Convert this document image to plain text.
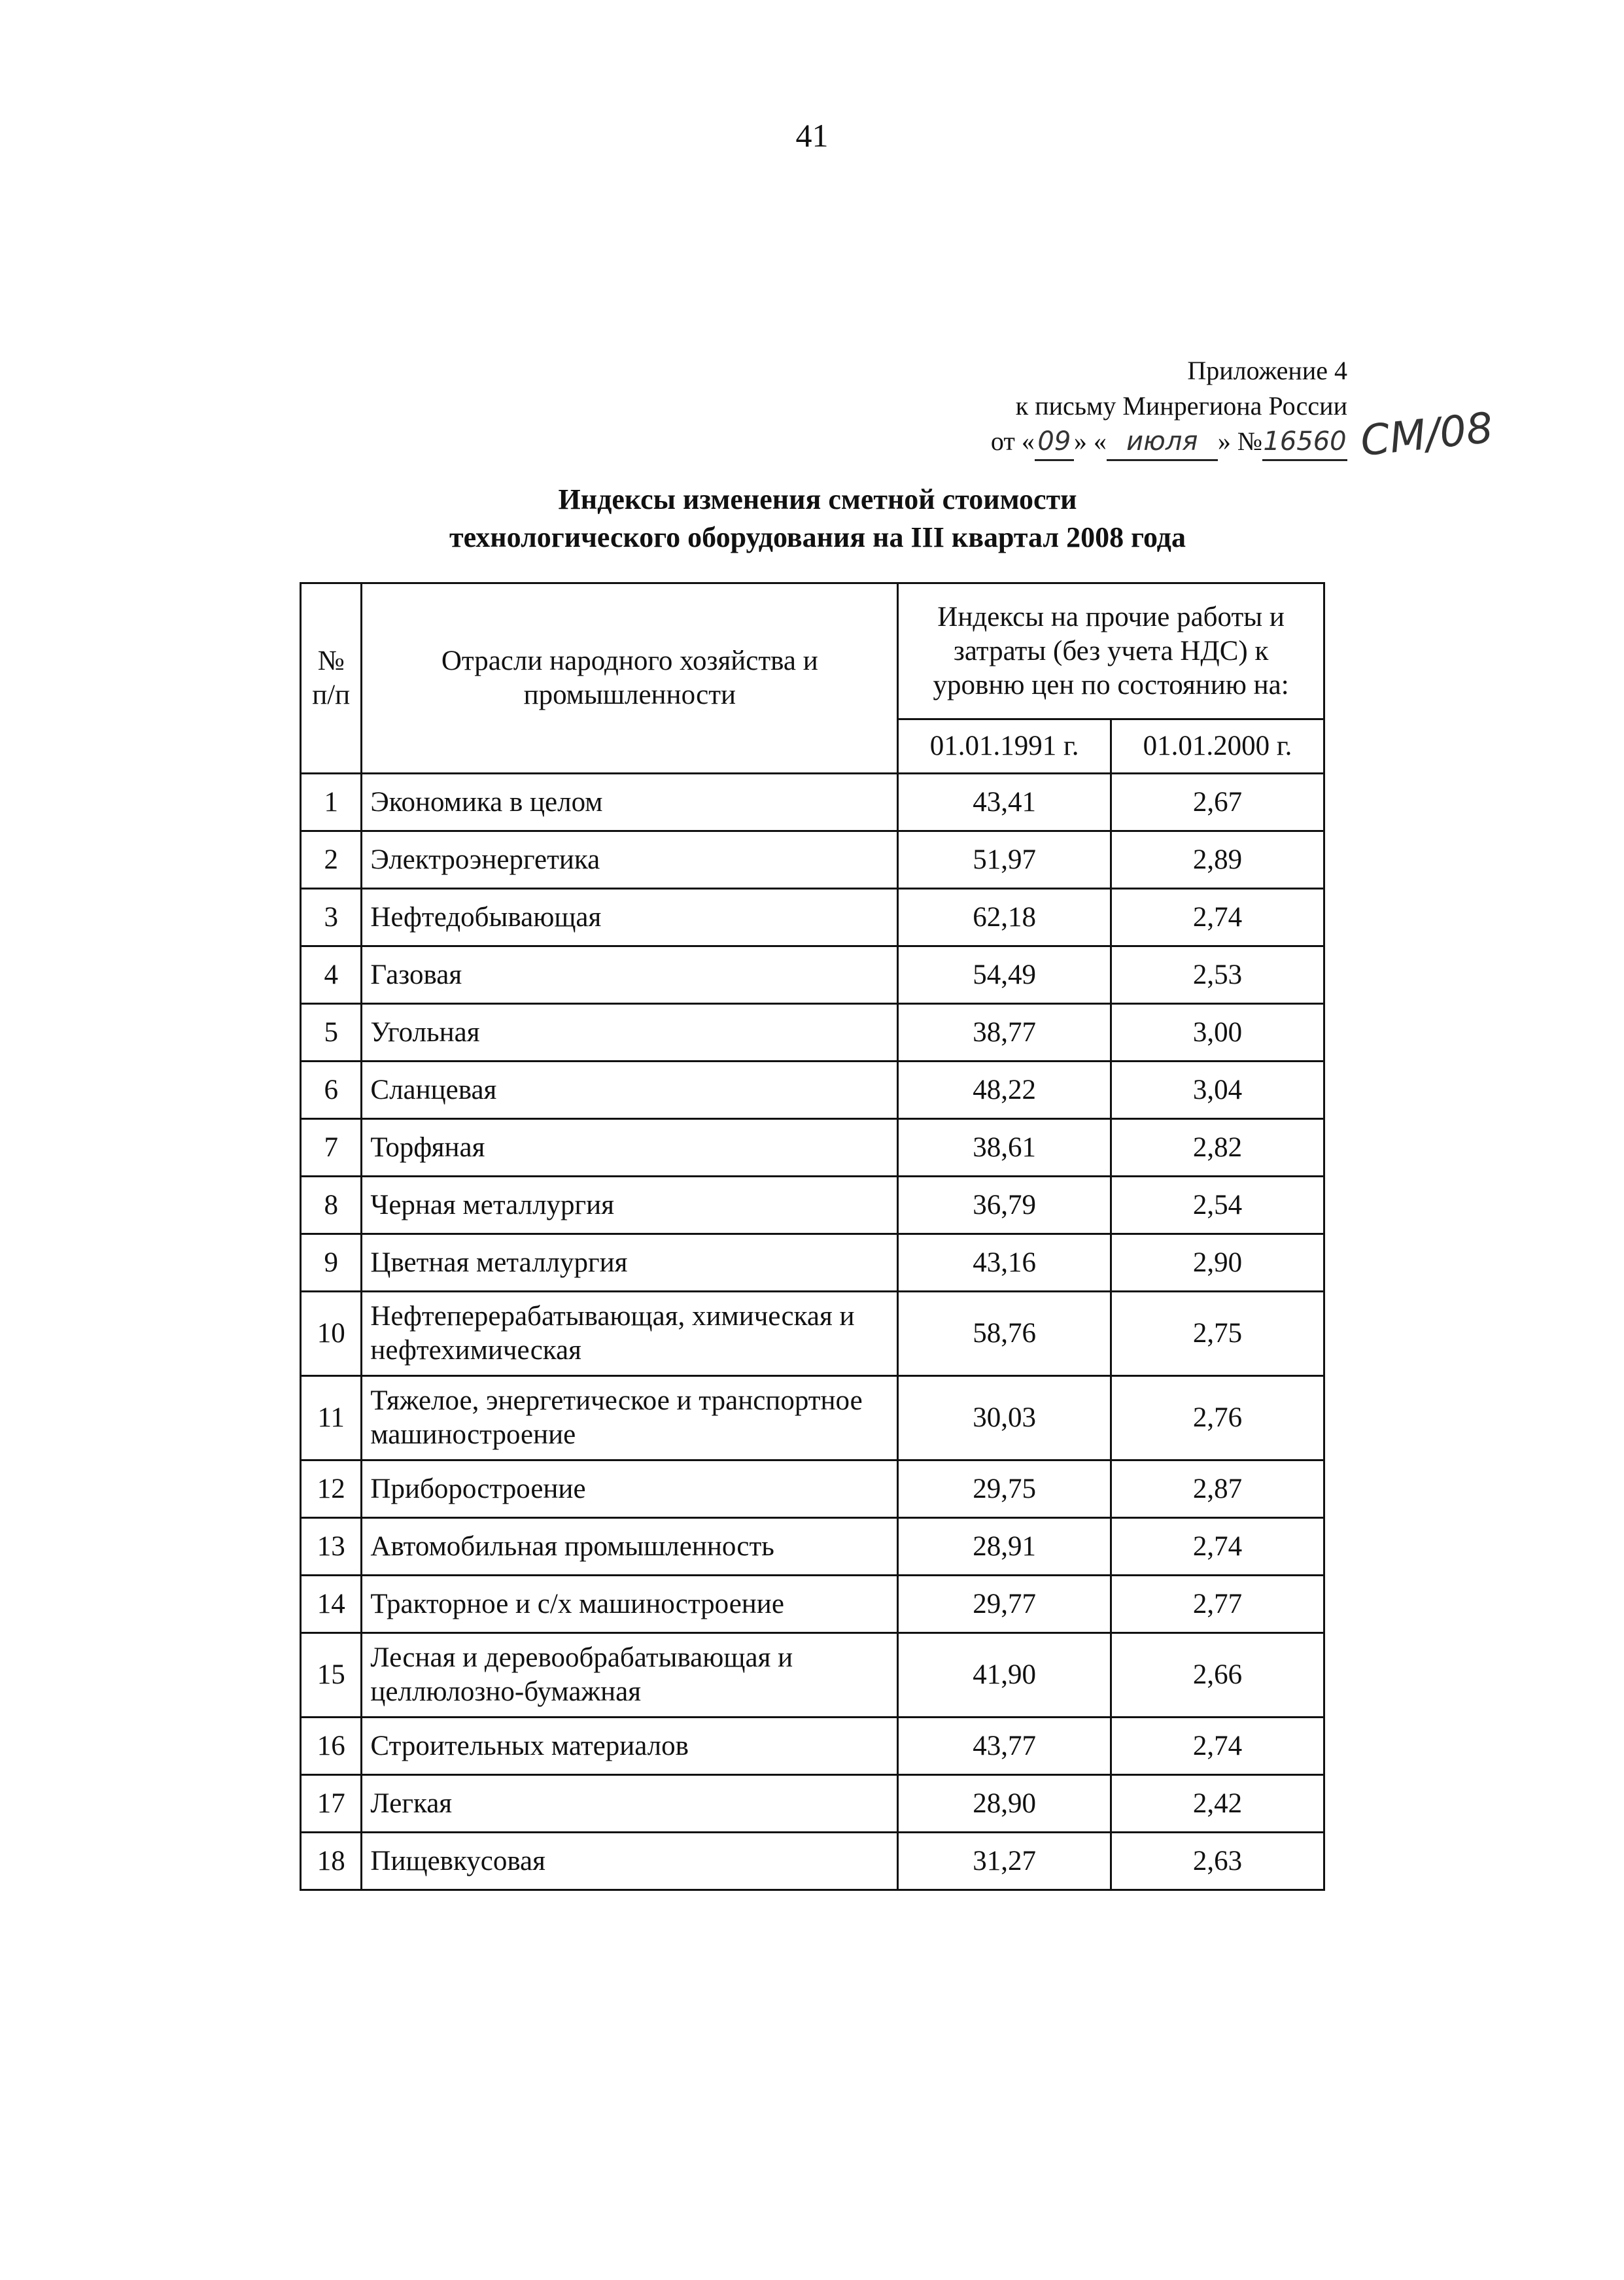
41
Приложение 4
к письму Минрегиона России
от « 09 » « июля » №16560 СМ/08
Индексы изменения сметной стоимости
технологического оборудования на III квартал 2008 года
№
п/п	Отрасли народного хозяйства и промышленности	Индексы на прочие работы и затраты (без учета НДС) к уровню цен по состоянию на:	
		01.01.1991 г.	01.01.2000 г.
1	Экономика в целом	43,41	2,67
2	Электроэнергетика	51,97	2,89
3	Нефтедобывающая	62,18	2,74
4	Газовая	54,49	2,53
5	Угольная	38,77	3,00
6	Сланцевая	48,22	3,04
7	Торфяная	38,61	2,82
8	Черная металлургия	36,79	2,54
9	Цветная металлургия	43,16	2,90
10	Нефтеперерабатывающая, химическая и нефтехимическая	58,76	2,75
11	Тяжелое, энергетическое и транспортное машиностроение	30,03	2,76
12	Приборостроение	29,75	2,87
13	Автомобильная промышленность	28,91	2,74
14	Тракторное и с/х машиностроение	29,77	2,77
15	Лесная и деревообрабатывающая и целлюлозно-бумажная	41,90	2,66
16	Строительных материалов	43,77	2,74
17	Легкая	28,90	2,42
18	Пищевкусовая	31,27	2,63
